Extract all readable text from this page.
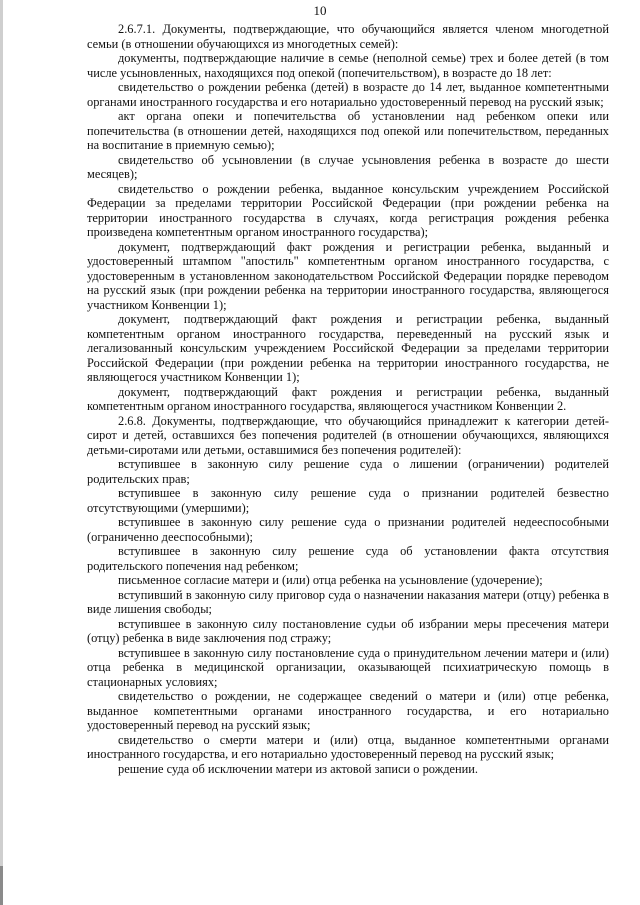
10

2.6.7.1. Документы, подтверждающие, что обучающийся является членом многодетной семьи (в отношении обучающихся из многодетных семей):

документы, подтверждающие наличие в семье (неполной семье) трех и более детей (в том числе усыновленных, находящихся под опекой (попечительством), в возрасте до 18 лет:

свидетельство о рождении ребенка (детей) в возрасте до 14 лет, выданное компетентными органами иностранного государства и его нотариально удостоверенный перевод на русский язык;

акт органа опеки и попечительства об установлении над ребенком опеки или попечительства (в отношении детей, находящихся под опекой или попечительством, переданных на воспитание в приемную семью);

свидетельство об усыновлении (в случае усыновления ребенка в возрасте до шести месяцев);

свидетельство о рождении ребенка, выданное консульским учреждением Российской Федерации за пределами территории Российской Федерации (при рождении ребенка на территории иностранного государства в случаях, когда регистрация рождения ребенка произведена компетентным органом иностранного государства);

документ, подтверждающий факт рождения и регистрации ребенка, выданный и удостоверенный штампом "апостиль" компетентным органом иностранного государства, с удостоверенным в установленном законодательством Российской Федерации порядке переводом на русский язык (при рождении ребенка на территории иностранного государства, являющегося участником Конвенции 1);

документ, подтверждающий факт рождения и регистрации ребенка, выданный компетентным органом иностранного государства, переведенный на русский язык и легализованный консульским учреждением Российской Федерации за пределами территории Российской Федерации (при рождении ребенка на территории иностранного государства, не являющегося участником Конвенции 1);

документ, подтверждающий факт рождения и регистрации ребенка, выданный компетентным органом иностранного государства, являющегося участником Конвенции 2.

2.6.8. Документы, подтверждающие, что обучающийся принадлежит к категории детей-сирот и детей, оставшихся без попечения родителей (в отношении обучающихся, являющихся детьми-сиротами или детьми, оставшимися без попечения родителей):

вступившее в законную силу решение суда о лишении (ограничении) родителей родительских прав;

вступившее в законную силу решение суда о признании родителей безвестно отсутствующими (умершими);

вступившее в законную силу решение суда о признании родителей недееспособными (ограниченно дееспособными);

вступившее в законную силу решение суда об установлении факта отсутствия родительского попечения над ребенком;

письменное согласие матери и (или) отца ребенка на усыновление (удочерение);

вступивший в законную силу приговор суда о назначении наказания матери (отцу) ребенка в виде лишения свободы;

вступившее в законную силу постановление судьи об избрании меры пресечения матери (отцу) ребенка в виде заключения под стражу;

вступившее в законную силу постановление суда о принудительном лечении матери и (или) отца ребенка в медицинской организации, оказывающей психиатрическую помощь в стационарных условиях;

свидетельство о рождении, не содержащее сведений о матери и (или) отце ребенка, выданное компетентными органами иностранного государства, и его нотариально удостоверенный перевод на русский язык;

свидетельство о смерти матери и (или) отца, выданное компетентными органами иностранного государства, и его нотариально удостоверенный перевод на русский язык;

решение суда об исключении матери из актовой записи о рождении.
